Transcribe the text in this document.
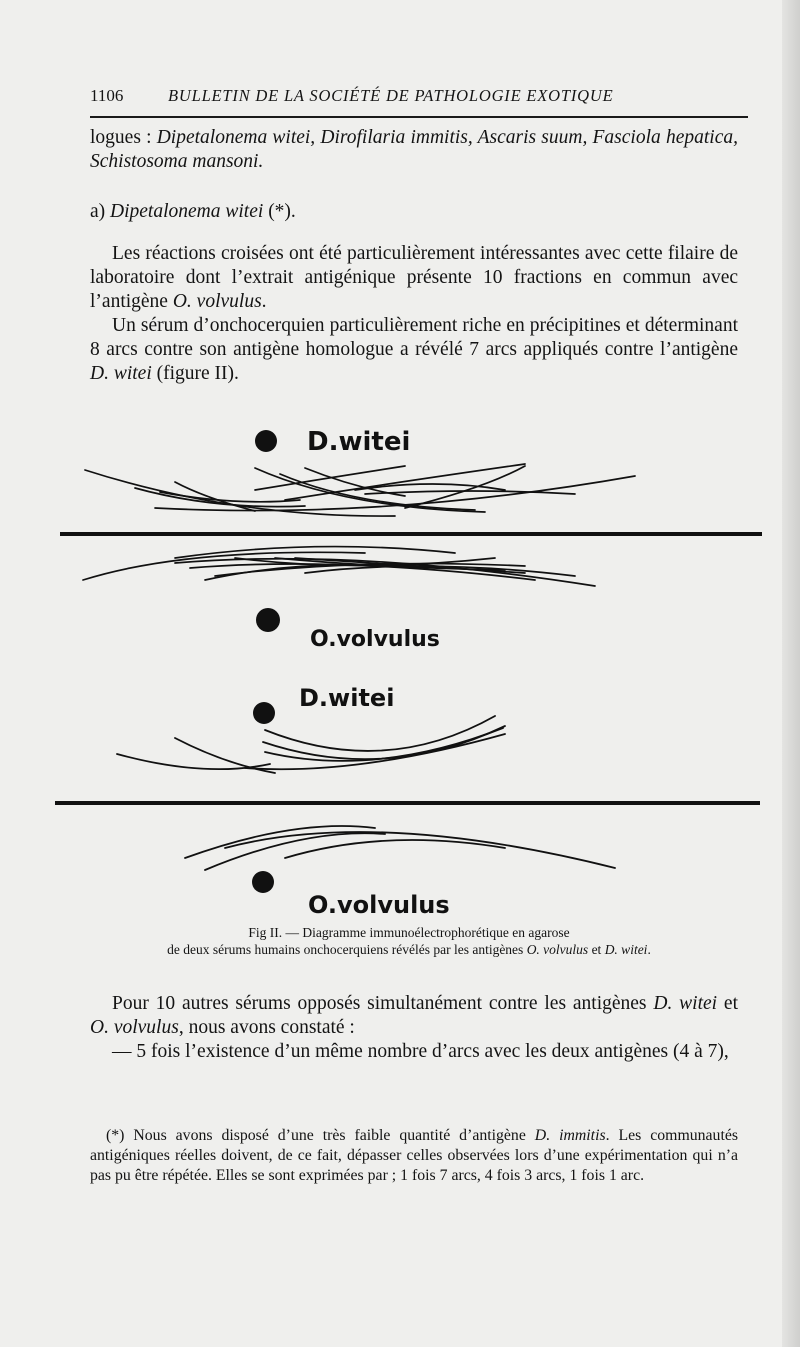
1106	BULLETIN DE LA SOCIÉTÉ DE PATHOLOGIE EXOTIQUE

logues : Dipetalonema witei, Dirofilaria immitis, Ascaris suum, Fasciola hepatica, Schistosoma mansoni.

a) Dipetalonema witei (*).

Les réactions croisées ont été particulièrement intéressantes avec cette filaire de laboratoire dont l’extrait antigénique présente 10 fractions en commun avec l’antigène O. volvulus.

Un sérum d’onchocerquien particulièrement riche en précipitines et déterminant 8 arcs contre son antigène homologue a révélé 7 arcs appliqués contre l’antigène D. witei (figure II).

D.witei
O.volvulus
D.witei
O.volvulus
Fig II. — Diagramme immunoélectrophorétique en agarose
de deux sérums humains onchocerquiens révélés par les antigènes O. volvulus et D. witei.

Pour 10 autres sérums opposés simultanément contre les antigènes D. witei et O. volvulus, nous avons constaté :

— 5 fois l’existence d’un même nombre d’arcs avec les deux antigènes (4 à 7),

(*) Nous avons disposé d’une très faible quantité d’antigène D. immitis. Les communautés antigéniques réelles doivent, de ce fait, dépasser celles observées lors d’une expérimentation qui n’a pas pu être répétée. Elles se sont exprimées par ; 1 fois 7 arcs, 4 fois 3 arcs, 1 fois 1 arc.
